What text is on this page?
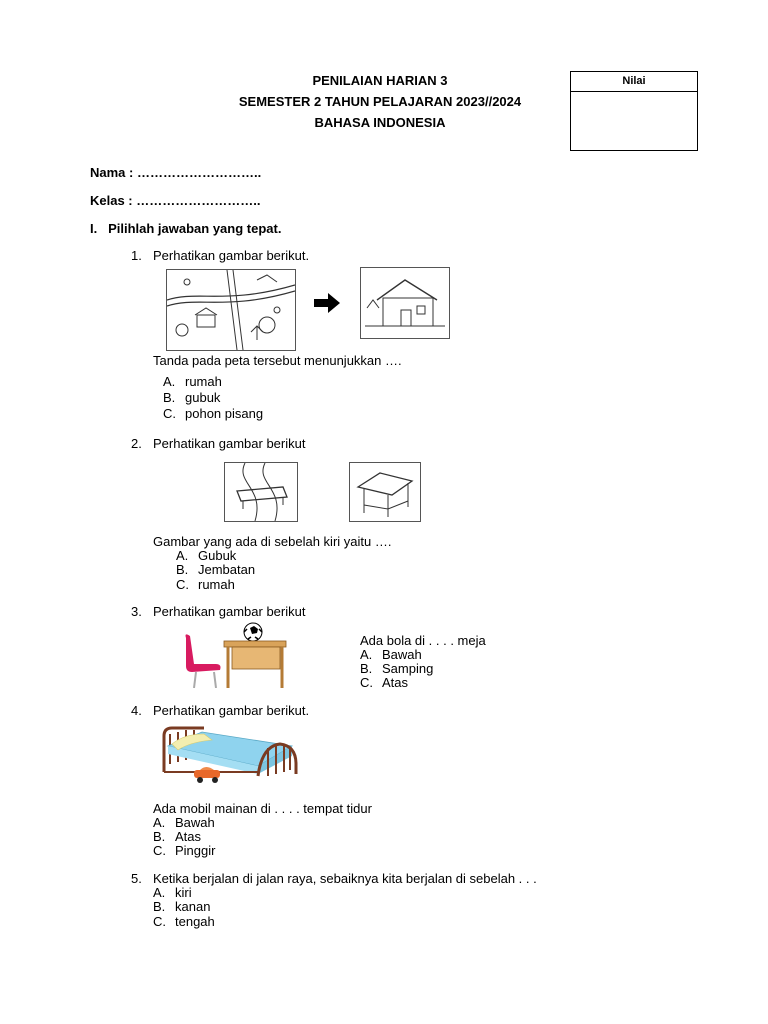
PENILAIAN HARIAN 3
SEMESTER 2 TAHUN PELAJARAN 2023//2024
BAHASA INDONESIA
Nilai
Nama : ………………………..
Kelas : ………………………..
I. Pilihlah jawaban yang tepat.
1. Perhatikan gambar berikut.
Tanda pada peta tersebut menunjukkan ….
A. rumah
B. gubuk
C. pohon pisang
2. Perhatikan gambar berikut
Gambar yang ada di sebelah kiri yaitu ….
A. Gubuk
B. Jembatan
C. rumah
3. Perhatikan gambar berikut
Ada bola di . . . . meja
A. Bawah
B. Samping
C. Atas
4. Perhatikan gambar berikut.
Ada mobil mainan di . . . . tempat tidur
A. Bawah
B. Atas
C. Pinggir
5. Ketika berjalan di jalan raya, sebaiknya kita berjalan di sebelah . . .
A. kiri
B. kanan
C. tengah
